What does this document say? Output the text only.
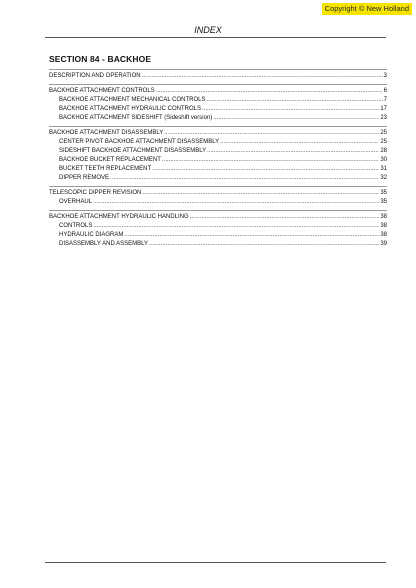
Copyright © New Holland
INDEX
SECTION 84 - BACKHOE
DESCRIPTION AND OPERATION .....	3
BACKHOE ATTACHMENT CONTROLS .....	6
BACKHOE ATTACHMENT MECHANICAL CONTROLS .....	7
BACKHOE ATTACHMENT HYDRAULIC CONTROLS .....	17
BACKHOE ATTACHMENT SIDESHIFT (Sideshift version) .....	23
BACKHOE ATTACHMENT DISASSEMBLY .....	25
CENTER PIVOT BACKHOE ATTACHMENT DISASSEMBLY .....	25
SIDESHIFT BACKHOE ATTACHMENT DISASSEMBLY .....	28
BACKHOE BUCKET REPLACEMENT .....	30
BUCKET TEETH REPLACEMENT .....	31
DIPPER REMOVE .....	32
TELESCOPIC DIPPER REVISION .....	35
OVERHAUL .....	35
BACKHOE ATTACHMENT HYDRAULIC HANDLING .....	38
CONTROLS .....	38
HYDRAULIC DIAGRAM .....	38
DISASSEMBLY AND ASSEMBLY .....	39
